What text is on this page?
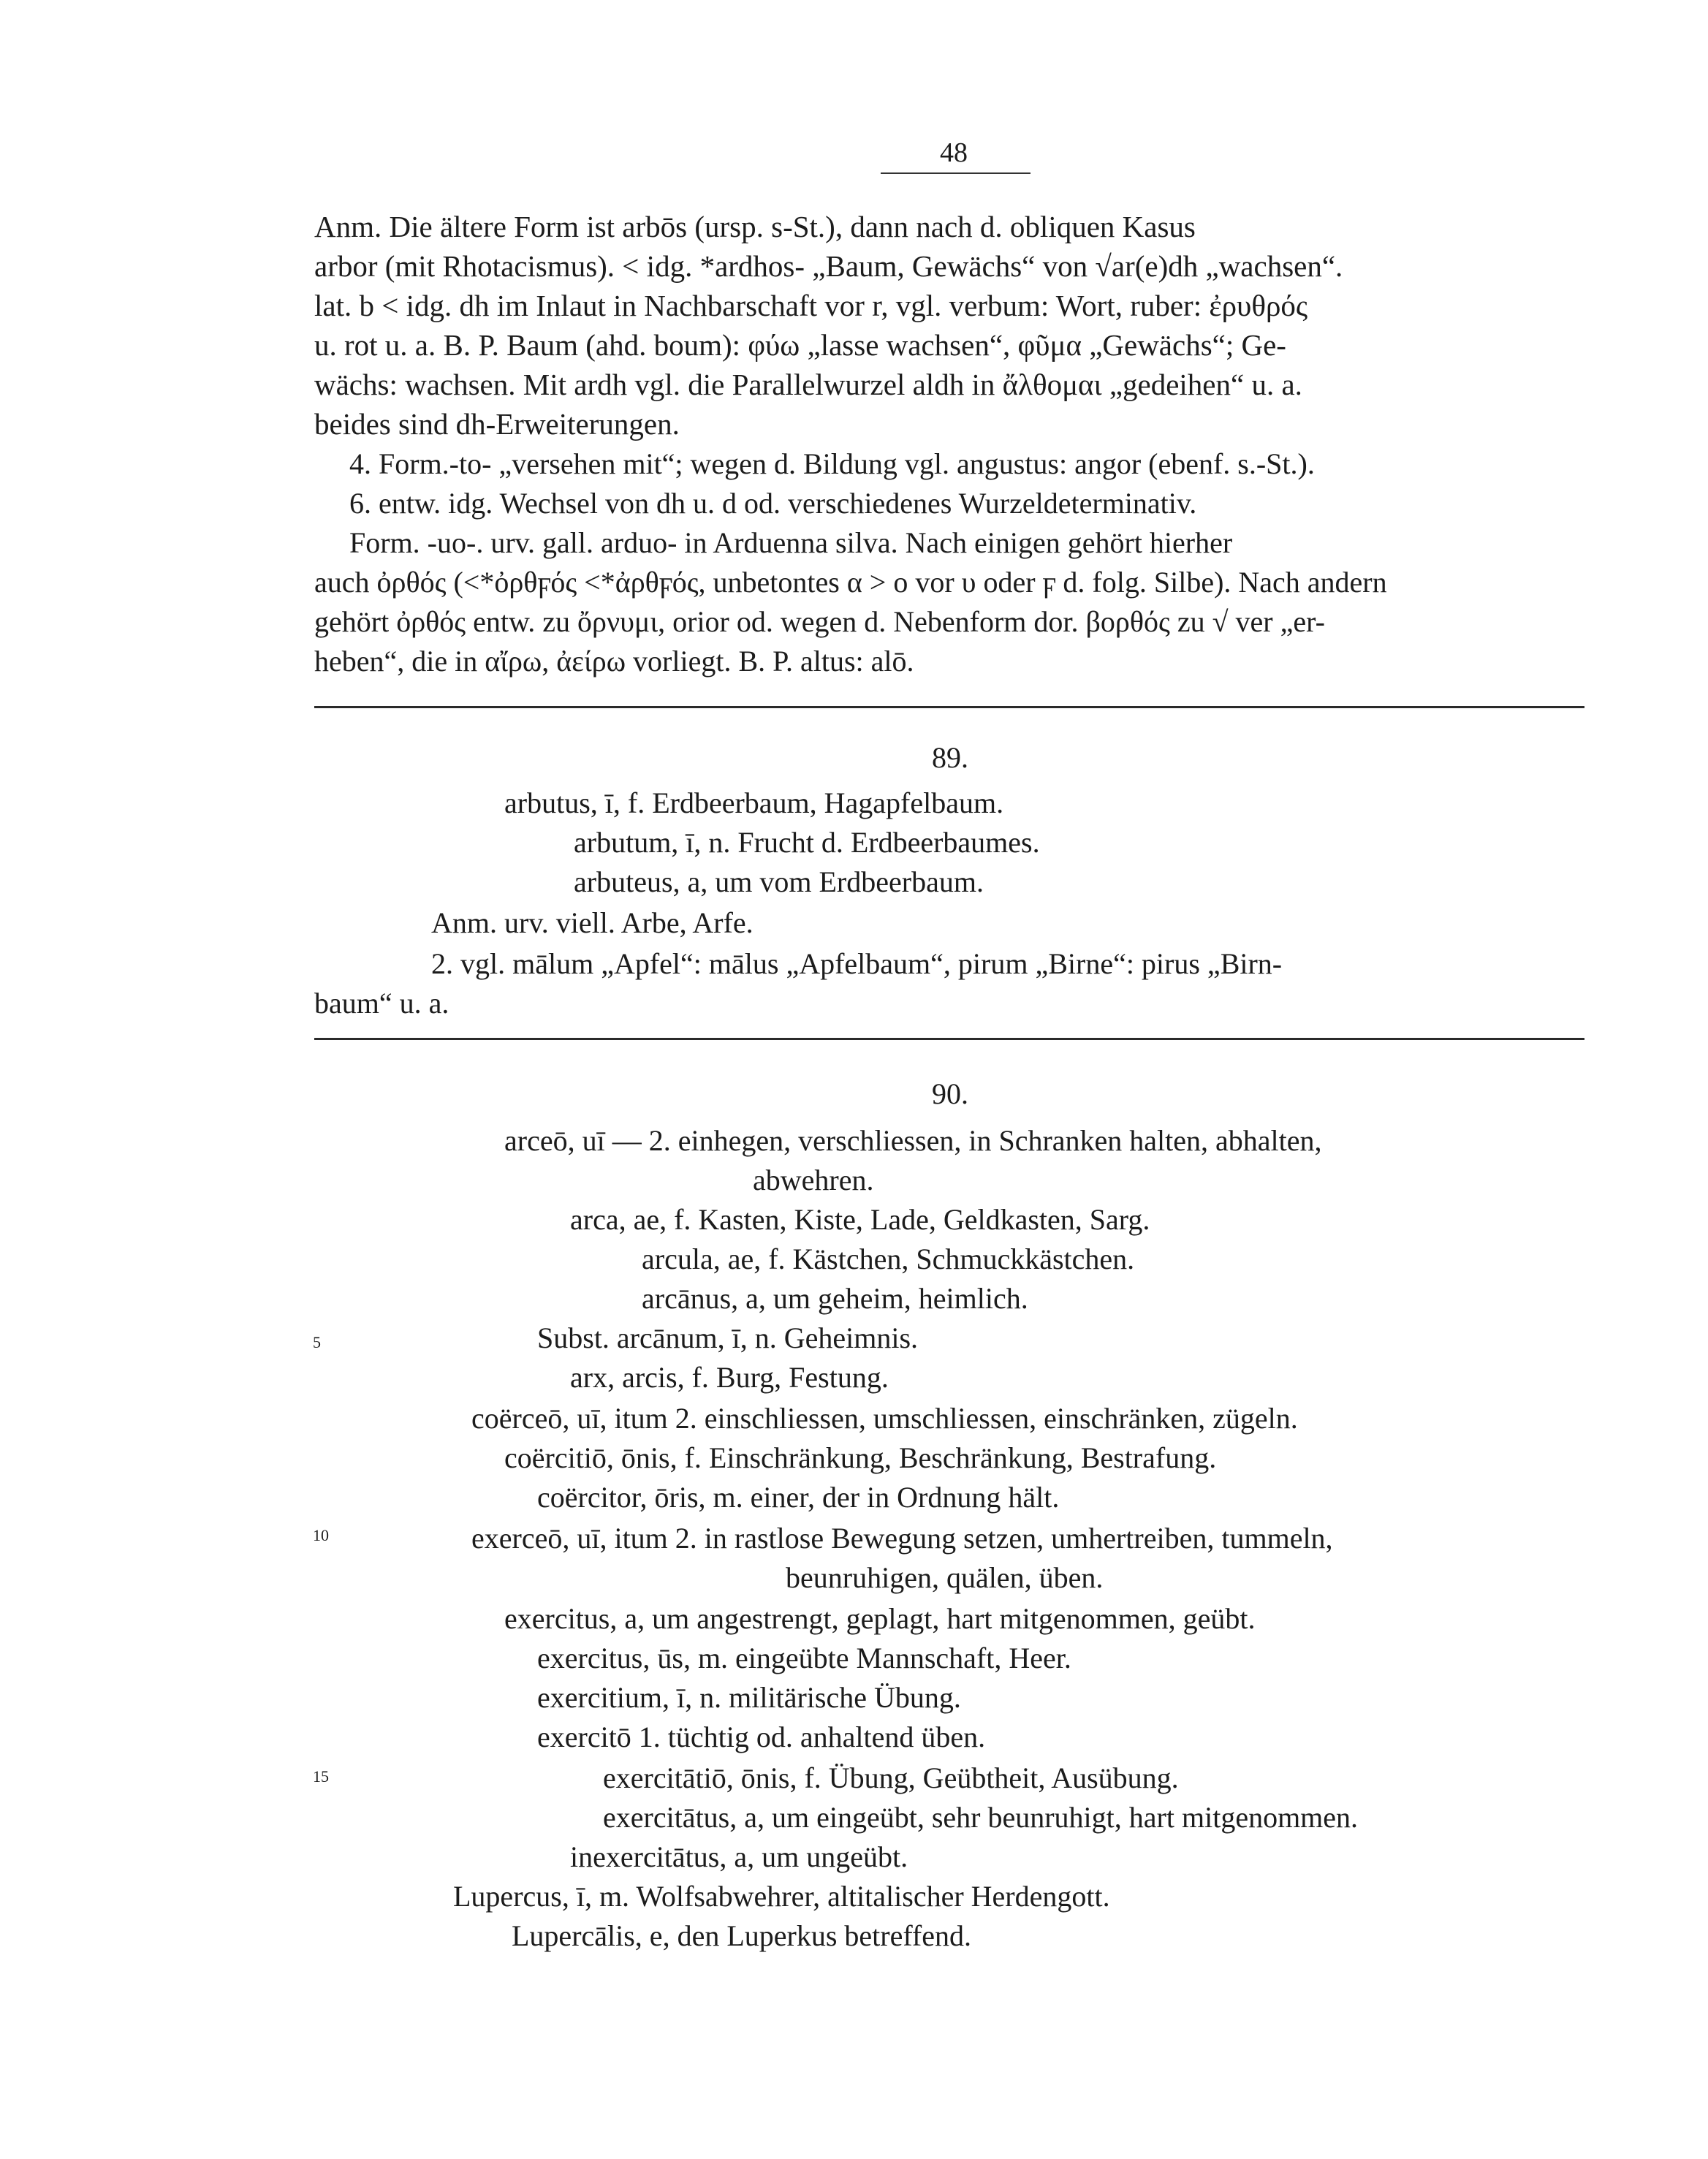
48
Anm. Die ältere Form ist arbōs (ursp. s-St.), dann nach d. obliquen Kasus
arbor (mit Rhotacismus). < idg. *ardhos- „Baum, Gewächs“ von √ar(e)dh „wachsen“.
lat. b < idg. dh im Inlaut in Nachbarschaft vor r, vgl. verbum: Wort, ruber: ἐρυθρός
u. rot u. a. B. P. Baum (ahd. boum): φύω „lasse wachsen“, φῦμα „Gewächs“; Ge-
wächs: wachsen. Mit ardh vgl. die Parallelwurzel aldh in ἄλθομαι „gedeihen“ u. a.
beides sind dh-Erweiterungen.
4. Form.-to- „versehen mit“; wegen d. Bildung vgl. angustus: angor (ebenf. s.-St.).
6. entw. idg. Wechsel von dh u. d od. verschiedenes Wurzeldeterminativ.
Form. -uo-. urv. gall. arduo- in Arduenna silva. Nach einigen gehört hierher
auch ὀρθός (<*ὀρθϝός <*ἀρθϝός, unbetontes α > ο vor υ oder ϝ d. folg. Silbe). Nach andern
gehört ὀρθός entw. zu ὄρνυμι, orior od. wegen d. Nebenform dor. βορθός zu √ ver „er-
heben“, die in αἴρω, ἀείρω vorliegt. B. P. altus: alō.
89.
arbutus, ī, f. Erdbeerbaum, Hagapfelbaum.
arbutum, ī, n. Frucht d. Erdbeerbaumes.
arbuteus, a, um vom Erdbeerbaum.
Anm. urv. viell. Arbe, Arfe.
2. vgl. mālum „Apfel“: mālus „Apfelbaum“, pirum „Birne“: pirus „Birn-
baum“ u. a.
90.
5
10
15
arceō, uī — 2. einhegen, verschliessen, in Schranken halten, abhalten,
abwehren.
arca, ae, f. Kasten, Kiste, Lade, Geldkasten, Sarg.
arcula, ae, f. Kästchen, Schmuckkästchen.
arcānus, a, um geheim, heimlich.
Subst. arcānum, ī, n. Geheimnis.
arx, arcis, f. Burg, Festung.
coërceō, uī, itum 2. einschliessen, umschliessen, einschränken, zügeln.
coërcitiō, ōnis, f. Einschränkung, Beschränkung, Bestrafung.
coërcitor, ōris, m. einer, der in Ordnung hält.
exerceō, uī, itum 2. in rastlose Bewegung setzen, umhertreiben, tummeln,
beunruhigen, quälen, üben.
exercitus, a, um angestrengt, geplagt, hart mitgenommen, geübt.
exercitus, ūs, m. eingeübte Mannschaft, Heer.
exercitium, ī, n. militärische Übung.
exercitō 1. tüchtig od. anhaltend üben.
exercitātiō, ōnis, f. Übung, Geübtheit, Ausübung.
exercitātus, a, um eingeübt, sehr beunruhigt, hart mitgenommen.
inexercitātus, a, um ungeübt.
Lupercus, ī, m. Wolfsabwehrer, altitalischer Herdengott.
Lupercālis, e, den Luperkus betreffend.
